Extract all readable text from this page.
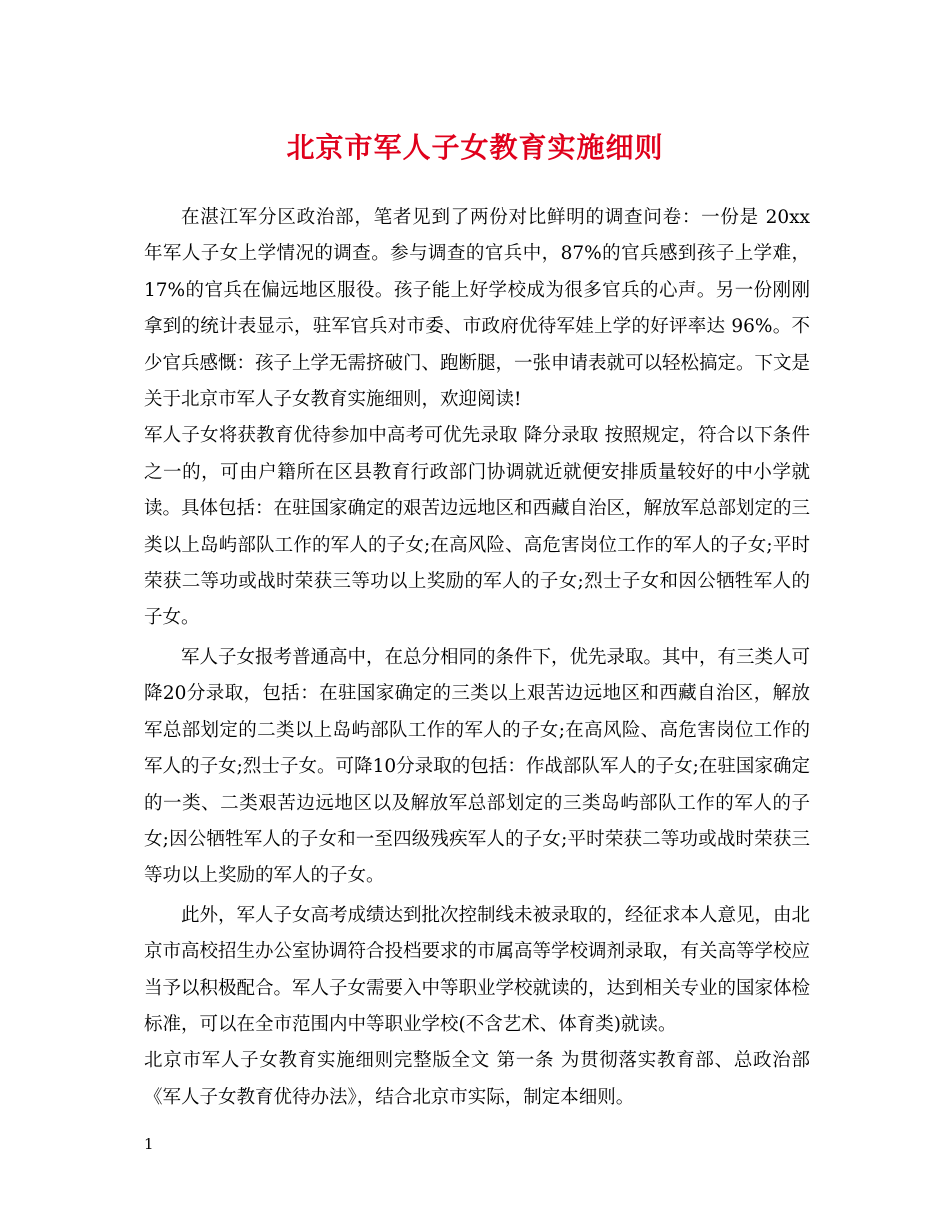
北京市军人子女教育实施细则

在湛江军分区政治部，笔者见到了两份对比鲜明的调查问卷：一份是 20xx 年军人子女上学情况的调查。参与调查的官兵中，87%的官兵感到孩子上学难，17%的官兵在偏远地区服役。孩子能上好学校成为很多官兵的心声。另一份刚刚拿到的统计表显示，驻军官兵对市委、市政府优待军娃上学的好评率达 96%。不少官兵感慨：孩子上学无需挤破门、跑断腿，一张申请表就可以轻松搞定。下文是关于北京市军人子女教育实施细则，欢迎阅读!

军人子女将获教育优待参加中高考可优先录取 降分录取 按照规定，符合以下条件之一的，可由户籍所在区县教育行政部门协调就近就便安排质量较好的中小学就读。具体包括：在驻国家确定的艰苦边远地区和西藏自治区，解放军总部划定的三类以上岛屿部队工作的军人的子女;在高风险、高危害岗位工作的军人的子女;平时荣获二等功或战时荣获三等功以上奖励的军人的子女;烈士子女和因公牺牲军人的子女。

军人子女报考普通高中，在总分相同的条件下，优先录取。其中，有三类人可降20分录取，包括：在驻国家确定的三类以上艰苦边远地区和西藏自治区，解放军总部划定的二类以上岛屿部队工作的军人的子女;在高风险、高危害岗位工作的军人的子女;烈士子女。可降10分录取的包括：作战部队军人的子女;在驻国家确定的一类、二类艰苦边远地区以及解放军总部划定的三类岛屿部队工作的军人的子女;因公牺牲军人的子女和一至四级残疾军人的子女;平时荣获二等功或战时荣获三等功以上奖励的军人的子女。

此外，军人子女高考成绩达到批次控制线未被录取的，经征求本人意见，由北京市高校招生办公室协调符合投档要求的市属高等学校调剂录取，有关高等学校应当予以积极配合。军人子女需要入中等职业学校就读的，达到相关专业的国家体检标准，可以在全市范围内中等职业学校(不含艺术、体育类)就读。

北京市军人子女教育实施细则完整版全文 第一条 为贯彻落实教育部、总政治部《军人子女教育优待办法》，结合北京市实际，制定本细则。

1
